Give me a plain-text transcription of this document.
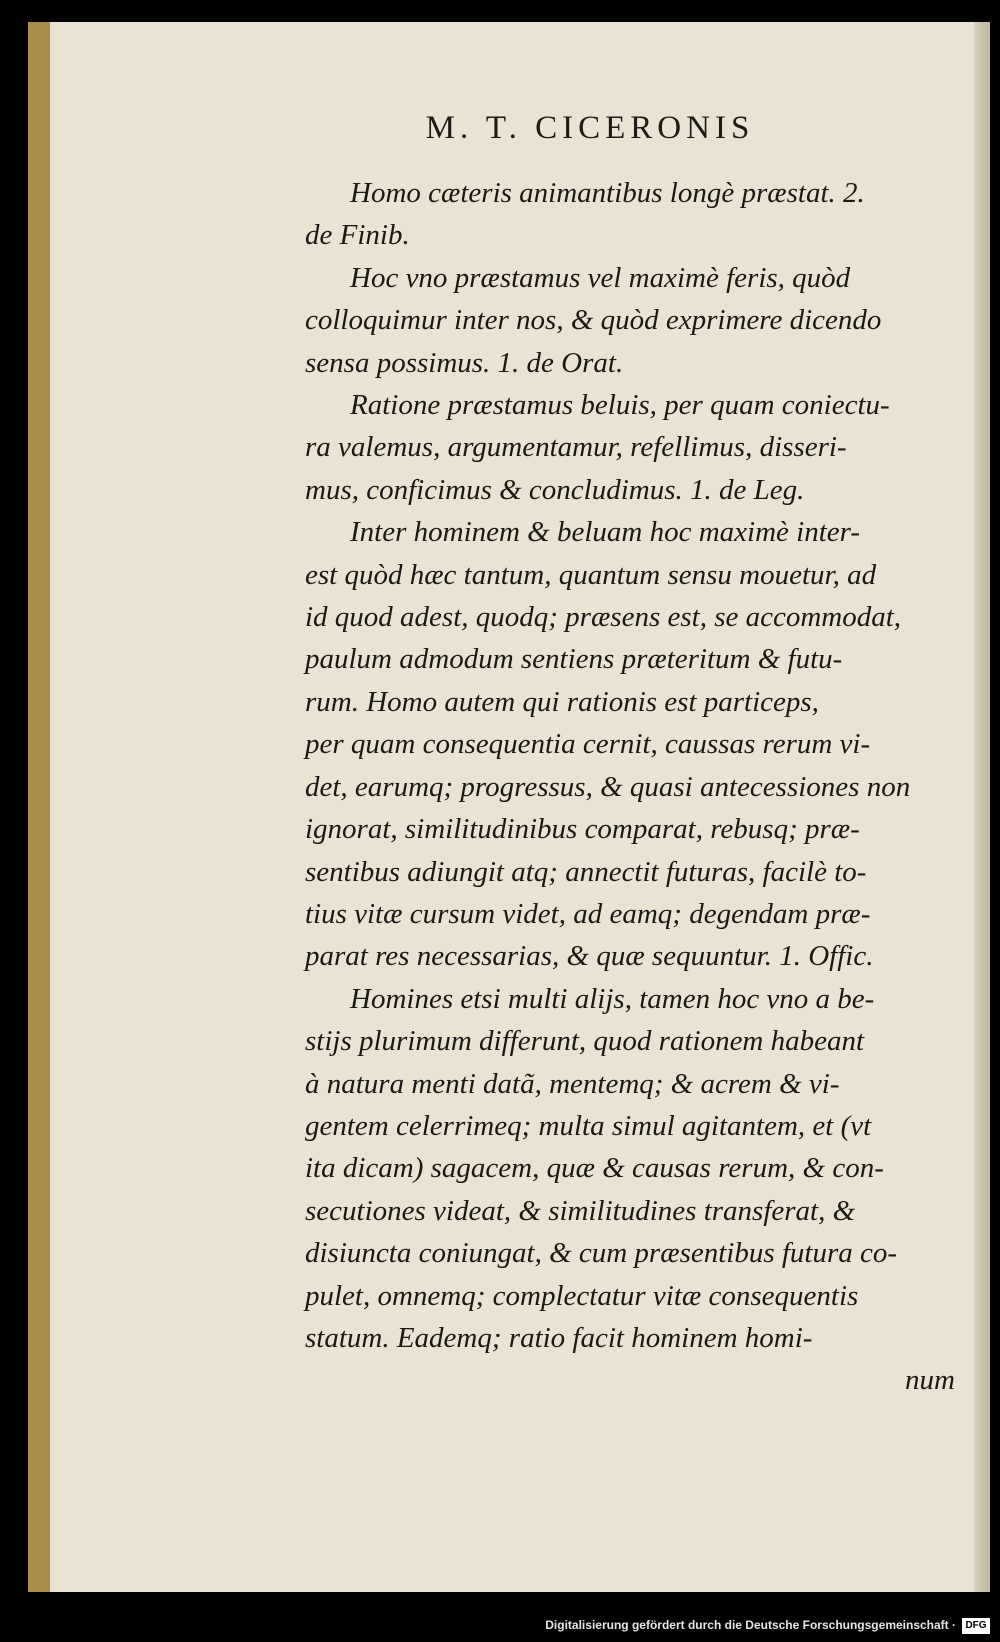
M. T. CICERONIS

Homo cæteris animantibus longè præstat. 2.
de Finib.

Hoc vno præstamus vel maximè feris, quòd
colloquimur inter nos, & quòd exprimere dicendo
sensa possimus. 1. de Orat.

Ratione præstamus beluis, per quam coniectu-
ra valemus, argumentamur, refellimus, disseri-
mus, conficimus & concludimus. 1. de Leg.

Inter hominem & beluam hoc maximè inter-
est quòd hæc tantum, quantum sensu mouetur, ad
id quod adest, quodq; præsens est, se accommodat,
paulum admodum sentiens præteritum & futu-
rum. Homo autem qui rationis est particeps,
per quam consequentia cernit, caussas rerum vi-
det, earumq; progressus, & quasi antecessiones non
ignorat, similitudinibus comparat, rebusq; præ-
sentibus adiungit atq; annectit futuras, facilè to-
tius vitæ cursum videt, ad eamq; degendam præ-
parat res necessarias, & quæ sequuntur. 1. Offic.

Homines etsi multi alijs, tamen hoc vno a be-
stijs plurimum differunt, quod rationem habeant
à natura menti datã, mentemq; & acrem & vi-
gentem celerrimeq; multa simul agitantem, et (vt
ita dicam) sagacem, quæ & causas rerum, & con-
secutiones videat, & similitudines transferat, &
disiuncta coniungat, & cum præsentibus futura co-
pulet, omnemq; complectatur vitæ consequentis
statum. Eademq; ratio facit hominem homi-

num
Digitalisierung gefördert durch die Deutsche Forschungsgemeinschaft · DFG
